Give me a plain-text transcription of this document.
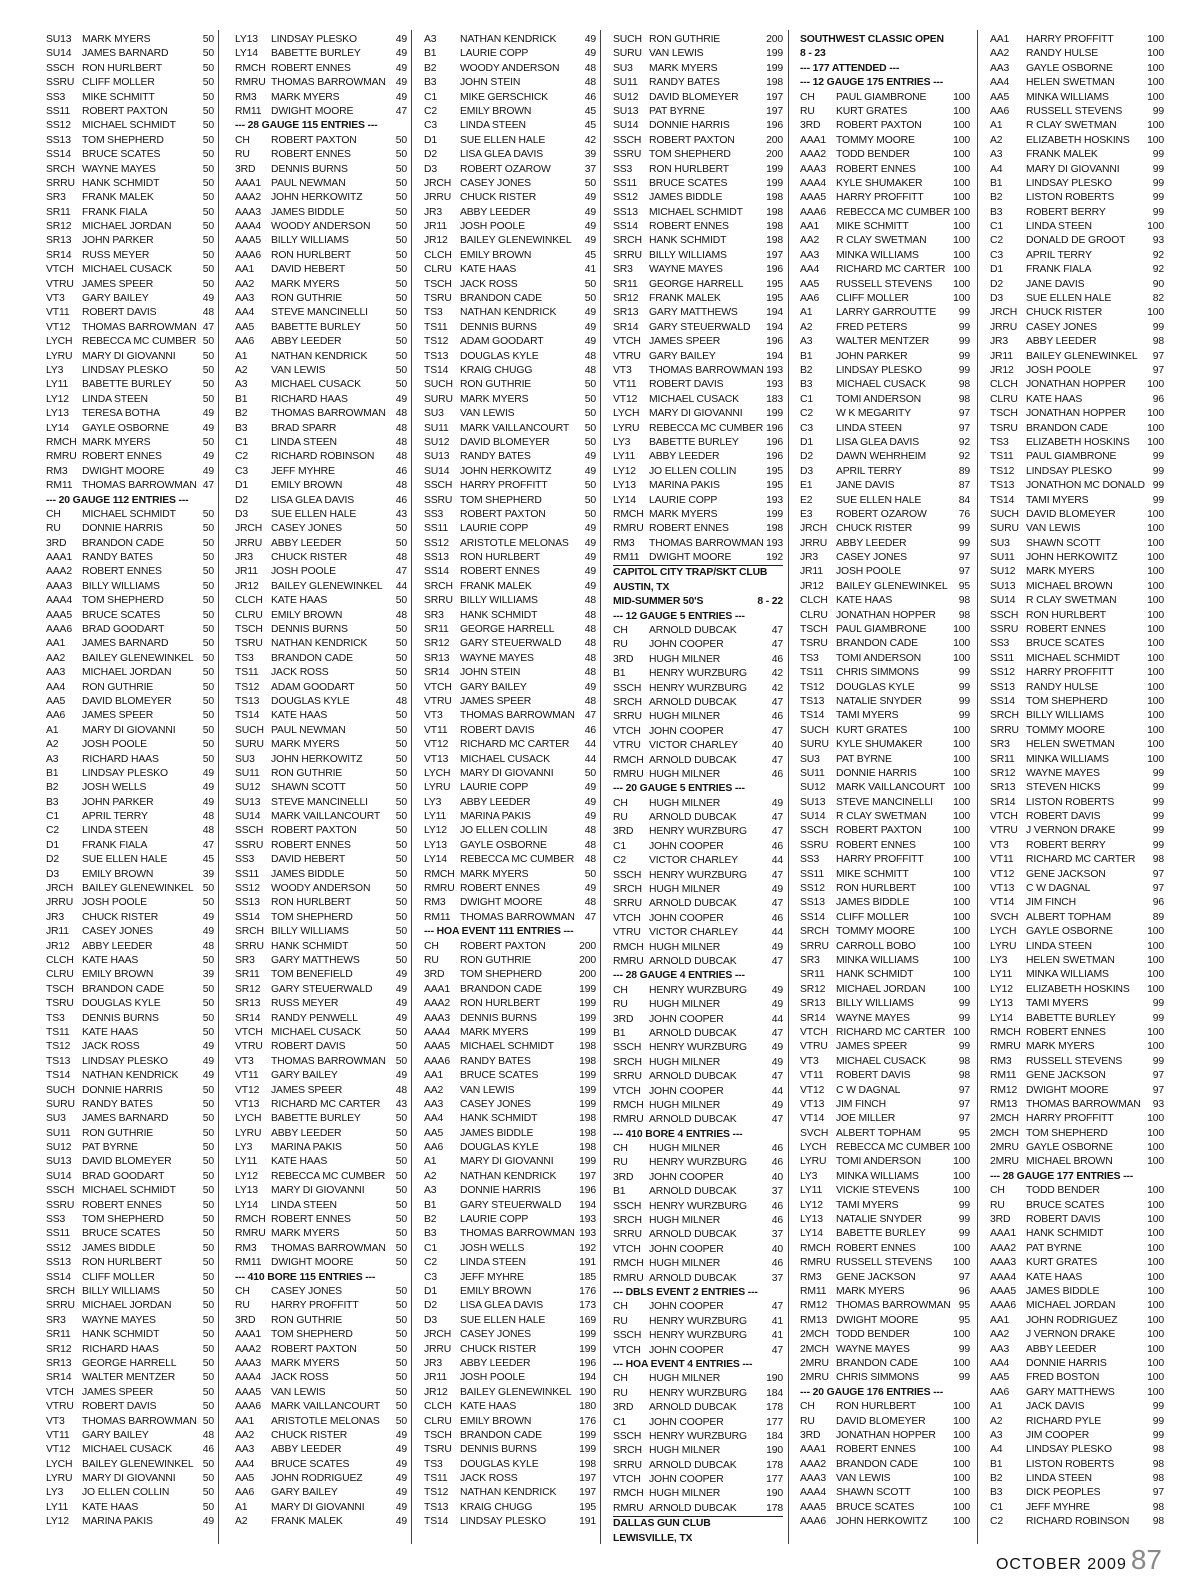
SU13	MARK MYERS	50
SU14	JAMES BARNARD	50
SSCH RON HURLBERT	50
SSRU CLIFF MOLLER	50
SS3	MIKE SCHMITT	50
SS11	ROBERT PAXTON	50
SS12	MICHAEL SCHMIDT	50
SS13	TOM SHEPHERD	50
SS14	BRUCE SCATES	50
SRCH WAYNE MAYES	50
SRRU HANK SCHMIDT	50
SR3	FRANK MALEK	50
SR11	FRANK FIALA	50
SR12	MICHAEL JORDAN	50
SR13	JOHN PARKER	50
SR14	RUSS MEYER	50
VTCH MICHAEL CUSACK	50
VTRU JAMES SPEER	50
VT3	GARY BAILEY	49
VT11	ROBERT DAVIS	48
VT12	THOMAS BARROWMAN 47
LYCH REBECCA MC CUMBER 50
LYRU MARY DI GIOVANNI	50
LY3	LINDSAY PLESKO	50
LY11	BABETTE BURLEY	50
LY12	LINDA STEEN	50
LY13	TERESA BOTHA	49
LY14	GAYLE OSBORNE	49
RMCH MARK MYERS	50
RMRU ROBERT ENNES	49
RM3	DWIGHT MOORE	49
RM11 THOMAS BARROWMAN 47
--- 20 GAUGE 112 ENTRIES ---
CH	MICHAEL SCHMIDT	50
RU	DONNIE HARRIS	50
3RD	BRANDON CADE	50
AAA1 RANDY BATES	50
AAA2 ROBERT ENNES	50
AAA3 BILLY WILLIAMS	50
AAA4 TOM SHEPHERD	50
AAA5 BRUCE SCATES	50
AAA6 BRAD GOODART	50
AA1	JAMES BARNARD	50
AA2	BAILEY GLENEWINKEL 50
AA3	MICHAEL JORDAN	50
AA4	RON GUTHRIE	50
AA5	DAVID BLOMEYER	50
AA6	JAMES SPEER	50
A1	MARY DI GIOVANNI	50
A2	JOSH POOLE	50
A3	RICHARD HAAS	50
B1	LINDSAY PLESKO	49
B2	JOSH WELLS	49
B3	JOHN PARKER	49
C1	APRIL TERRY	48
C2	LINDA STEEN	48
D1	FRANK FIALA	47
D2	SUE ELLEN HALE	45
D3	EMILY BROWN	39
JRCH BAILEY GLENEWINKEL 50
JRRU JOSH POOLE	50
JR3	CHUCK RISTER	49
JR11	CASEY JONES	49
JR12	ABBY LEEDER	48
CLCH KATE HAAS	50
CLRU EMILY BROWN	39
TSCH BRANDON CADE	50
TSRU DOUGLAS KYLE	50
TS3	DENNIS BURNS	50
TS11	KATE HAAS	50
TS12	JACK ROSS	49
TS13	LINDSAY PLESKO	49
TS14	NATHAN KENDRICK	49
SUCH DONNIE HARRIS	50
SURU RANDY BATES	50
SU3	JAMES BARNARD	50
SU11	RON GUTHRIE	50
SU12	PAT BYRNE	50
SU13	DAVID BLOMEYER	50
SU14	BRAD GOODART	50
SSCH MICHAEL SCHMIDT	50
SSRU ROBERT ENNES	50
SS3	TOM SHEPHERD	50
SS11	BRUCE SCATES	50
SS12	JAMES BIDDLE	50
SS13	RON HURLBERT	50
SS14	CLIFF MOLLER	50
SRCH BILLY WILLIAMS	50
SRRU MICHAEL JORDAN	50
SR3	WAYNE MAYES	50
SR11	HANK SCHMIDT	50
SR12	RICHARD HAAS	50
SR13	GEORGE HARRELL	50
SR14	WALTER MENTZER	50
VTCH JAMES SPEER	50
VTRU ROBERT DAVIS	50
VT3	THOMAS BARROWMAN 50
VT11	GARY BAILEY	48
VT12	MICHAEL CUSACK	46
LYCH BAILEY GLENEWINKEL 50
LYRU MARY DI GIOVANNI	50
LY3	JO ELLEN COLLIN	50
LY11	KATE HAAS	50
LY12	MARINA PAKIS	49
LY13	LINDSAY PLESKO	49
LY14	BABETTE BURLEY	49
RMCH ROBERT ENNES	49
RMRU THOMAS BARROWMAN 49
RM3	MARK MYERS	49
RM11 DWIGHT MOORE	47
--- 28 GAUGE 115 ENTRIES ---
CH	ROBERT PAXTON	50
RU	ROBERT ENNES	50
3RD	DENNIS BURNS	50
AAA1 PAUL NEWMAN	50
AAA2 JOHN HERKOWITZ	50
AAA3 JAMES BIDDLE	50
AAA4 WOODY ANDERSON	50
AAA5 BILLY WILLIAMS	50
AAA6 RON HURLBERT	50
AA1	DAVID HEBERT	50
AA2	MARK MYERS	50
AA3	RON GUTHRIE	50
AA4	STEVE MANCINELLI	50
AA5	BABETTE BURLEY	50
AA6	ABBY LEEDER	50
A1	NATHAN KENDRICK	50
A2	VAN LEWIS	50
A3	MICHAEL CUSACK	50
B1	RICHARD HAAS	49
B2	THOMAS BARROWMAN 48
B3	BRAD SPARR	48
C1	LINDA STEEN	48
C2	RICHARD ROBINSON	48
C3	JEFF MYHRE	46
D1	EMILY BROWN	48
D2	LISA GLEA DAVIS	46
D3	SUE ELLEN HALE	43
JRCH CASEY JONES	50
JRRU ABBY LEEDER	50
JR3	CHUCK RISTER	48
JR11	JOSH POOLE	47
JR12	BAILEY GLENEWINKEL	44
CLCH KATE HAAS	50
CLRU EMILY BROWN	48
TSCH DENNIS BURNS	50
TSRU NATHAN KENDRICK	50
TS3	BRANDON CADE	50
TS11	JACK ROSS	50
TS12	ADAM GOODART	50
TS13	DOUGLAS KYLE	48
TS14	KATE HAAS	50
SUCH PAUL NEWMAN	50
SURU MARK MYERS	50
SU3	JOHN HERKOWITZ	50
SU11	RON GUTHRIE	50
SU12	SHAWN SCOTT	50
SU13	STEVE MANCINELLI	50
SU14	MARK VAILLANCOURT	50
SSCH ROBERT PAXTON	50
SSRU ROBERT ENNES	50
SS3	DAVID HEBERT	50
SS11	JAMES BIDDLE	50
SS12	WOODY ANDERSON	50
SS13	RON HURLBERT	50
SS14	TOM SHEPHERD	50
SRCH BILLY WILLIAMS	50
SRRU HANK SCHMIDT	50
SR3	GARY MATTHEWS	50
SR11	TOM BENEFIELD	49
SR12	GARY STEUERWALD	49
SR13	RUSS MEYER	49
SR14	RANDY PENWELL	49
VTCH MICHAEL CUSACK	50
VTRU ROBERT DAVIS	50
VT3	THOMAS BARROWMAN 50
VT11	GARY BAILEY	49
VT12	JAMES SPEER	48
VT13	RICHARD MC CARTER	43
LYCH BABETTE BURLEY	50
LYRU ABBY LEEDER	50
LY3	MARINA PAKIS	50
LY11	KATE HAAS	50
LY12	REBECCA MC CUMBER	50
LY13	MARY DI GIOVANNI	50
LY14	LINDA STEEN	50
RMCH ROBERT ENNES	50
RMRU MARK MYERS	50
RM3	THOMAS BARROWMAN 50
RM11 DWIGHT MOORE	50
--- 410 BORE 115 ENTRIES ---
CH	CASEY JONES	50
RU	HARRY PROFFITT	50
3RD	RON GUTHRIE	50
AAA1 TOM SHEPHERD	50
AAA2 ROBERT PAXTON	50
AAA3 MARK MYERS	50
AAA4 JACK ROSS	50
AAA5 VAN LEWIS	50
AAA6 MARK VAILLANCOURT	50
AA1	ARISTOTLE MELONAS	50
AA2	CHUCK RISTER	49
AA3	ABBY LEEDER	49
AA4	BRUCE SCATES	49
AA5	JOHN RODRIGUEZ	49
AA6	GARY BAILEY	49
A1	MARY DI GIOVANNI	49
A2	FRANK MALEK	49
A3	NATHAN KENDRICK	49
B1	LAURIE COPP	49
B2	WOODY ANDERSON	48
B3	JOHN STEIN	48
C1	MIKE GERSCHICK	46
C2	EMILY BROWN	45
C3	LINDA STEEN	45
D1	SUE ELLEN HALE	42
D2	LISA GLEA DAVIS	39
D3	ROBERT OZAROW	37
JRCH CASEY JONES	50
JRRU CHUCK RISTER	49
JR3	ABBY LEEDER	49
JR11	JOSH POOLE	49
JR12	BAILEY GLENEWINKEL	49
CLCH EMILY BROWN	45
CLRU KATE HAAS	41
TSCH JACK ROSS	50
TSRU BRANDON CADE	50
TS3	NATHAN KENDRICK	49
TS11	DENNIS BURNS	49
TS12	ADAM GOODART	49
TS13	DOUGLAS KYLE	48
TS14	KRAIG CHUGG	48
SUCH RON GUTHRIE	50
SURU MARK MYERS	50
SU3	VAN LEWIS	50
SU11	MARK VAILLANCOURT	50
SU12	DAVID BLOMEYER	50
SU13	RANDY BATES	49
SU14	JOHN HERKOWITZ	49
SSCH HARRY PROFFITT	50
SSRU TOM SHEPHERD	50
SS3	ROBERT PAXTON	50
SS11	LAURIE COPP	49
SS12	ARISTOTLE MELONAS	49
SS13	RON HURLBERT	49
SS14	ROBERT ENNES	49
SRCH FRANK MALEK	49
SRRU BILLY WILLIAMS	48
SR3	HANK SCHMIDT	48
SR11	GEORGE HARRELL	48
SR12	GARY STEUERWALD	48
SR13	WAYNE MAYES	48
SR14	JOHN STEIN	48
VTCH GARY BAILEY	49
VTRU JAMES SPEER	48
VT3	THOMAS BARROWMAN 47
VT11	ROBERT DAVIS	46
VT12	RICHARD MC CARTER	44
VT13	MICHAEL CUSACK	44
LYCH MARY DI GIOVANNI	50
LYRU LAURIE COPP	49
LY3	ABBY LEEDER	49
LY11	MARINA PAKIS	49
LY12	JO ELLEN COLLIN	48
LY13	GAYLE OSBORNE	48
LY14	REBECCA MC CUMBER	48
RMCH MARK MYERS	50
RMRU ROBERT ENNES	49
RM3	DWIGHT MOORE	48
RM11 THOMAS BARROWMAN 47
--- HOA EVENT 111 ENTRIES ---
CH	ROBERT PAXTON	200
RU	RON GUTHRIE	200
3RD	TOM SHEPHERD	200
AAA1 BRANDON CADE	199
AAA2 RON HURLBERT	199
AAA3 DENNIS BURNS	199
AAA4 MARK MYERS	199
AAA5 MICHAEL SCHMIDT	198
AAA6 RANDY BATES	198
AA1	BRUCE SCATES	199
AA2	VAN LEWIS	199
AA3	CASEY JONES	199
AA4	HANK SCHMIDT	198
AA5	JAMES BIDDLE	198
AA6	DOUGLAS KYLE	198
A1	MARY DI GIOVANNI	199
A2	NATHAN KENDRICK	197
A3	DONNIE HARRIS	196
B1	GARY STEUERWALD	194
B2	LAURIE COPP	193
B3	THOMAS BARROWMAN 193
C1	JOSH WELLS	192
C2	LINDA STEEN	191
C3	JEFF MYHRE	185
D1	EMILY BROWN	176
D2	LISA GLEA DAVIS	173
D3	SUE ELLEN HALE	169
JRCH CASEY JONES	199
JRRU CHUCK RISTER	199
JR3	ABBY LEEDER	196
JR11	JOSH POOLE	194
JR12	BAILEY GLENEWINKEL 190
CLCH KATE HAAS	180
CLRU EMILY BROWN	176
TSCH BRANDON CADE	199
TSRU DENNIS BURNS	199
TS3	DOUGLAS KYLE	198
TS11	JACK ROSS	197
TS12	NATHAN KENDRICK	197
TS13	KRAIG CHUGG	195
TS14	LINDSAY PLESKO	191
SUCH RON GUTHRIE	200
SURU VAN LEWIS	199
SU3	MARK MYERS	199
SU11	RANDY BATES	198
SU12	DAVID BLOMEYER	197
SU13	PAT BYRNE	197
SU14	DONNIE HARRIS	196
SSCH ROBERT PAXTON	200
SSRU TOM SHEPHERD	200
SS3	RON HURLBERT	199
SS11	BRUCE SCATES	199
SS12	JAMES BIDDLE	198
SS13	MICHAEL SCHMIDT	198
SS14	ROBERT ENNES	198
SRCH HANK SCHMIDT	198
SRRU BILLY WILLIAMS	197
SR3	WAYNE MAYES	196
SR11	GEORGE HARRELL	195
SR12	FRANK MALEK	195
SR13	GARY MATTHEWS	194
SR14	GARY STEUERWALD	194
VTCH JAMES SPEER	196
VTRU GARY BAILEY	194
VT3	THOMAS BARROWMAN 193
VT11	ROBERT DAVIS	193
VT12	MICHAEL CUSACK	183
LYCH MARY DI GIOVANNI	199
LYRU REBECCA MC CUMBER 196
LY3	BABETTE BURLEY	196
LY11	ABBY LEEDER	196
LY12	JO ELLEN COLLIN	195
LY13	MARINA PAKIS	195
LY14	LAURIE COPP	193
RMCH MARK MYERS	199
RMRU ROBERT ENNES	198
RM3	THOMAS BARROWMAN 193
RM11 DWIGHT MOORE	192
CAPITOL CITY TRAP/SKT CLUB
AUSTIN, TX
MID-SUMMER 50'S	8 - 22
--- 12 GAUGE 5 ENTRIES ---
CH	ARNOLD DUBCAK	47
RU	JOHN COOPER	47
3RD	HUGH MILNER	46
B1	HENRY WURZBURG	42
SSCH HENRY WURZBURG	42
SRCH ARNOLD DUBCAK	47
SRRU HUGH MILNER	46
VTCH JOHN COOPER	47
VTRU VICTOR CHARLEY	40
RMCH ARNOLD DUBCAK	47
RMRU HUGH MILNER	46
--- 20 GAUGE 5 ENTRIES ---
CH	HUGH MILNER	49
RU	ARNOLD DUBCAK	47
3RD	HENRY WURZBURG	47
C1	JOHN COOPER	46
C2	VICTOR CHARLEY	44
SSCH HENRY WURZBURG	47
SRCH HUGH MILNER	49
SRRU ARNOLD DUBCAK	47
VTCH JOHN COOPER	46
VTRU VICTOR CHARLEY	44
RMCH HUGH MILNER	49
RMRU ARNOLD DUBCAK	47
--- 28 GAUGE 4 ENTRIES ---
CH	HENRY WURZBURG	49
RU	HUGH MILNER	49
3RD	JOHN COOPER	44
B1	ARNOLD DUBCAK	47
SSCH HENRY WURZBURG	49
SRCH HUGH MILNER	49
SRRU ARNOLD DUBCAK	47
VTCH JOHN COOPER	44
RMCH HUGH MILNER	49
RMRU ARNOLD DUBCAK	47
--- 410 BORE 4 ENTRIES ---
CH	HUGH MILNER	46
RU	HENRY WURZBURG	46
3RD	JOHN COOPER	40
B1	ARNOLD DUBCAK	37
SSCH HENRY WURZBURG	46
SRCH HUGH MILNER	46
SRRU ARNOLD DUBCAK	37
VTCH JOHN COOPER	40
RMCH HUGH MILNER	46
RMRU ARNOLD DUBCAK	37
--- DBLS EVENT 2 ENTRIES ---
CH	JOHN COOPER	47
RU	HENRY WURZBURG	41
SSCH HENRY WURZBURG	41
VTCH JOHN COOPER	47
--- HOA EVENT 4 ENTRIES ---
CH	HUGH MILNER	190
RU	HENRY WURZBURG	184
3RD	ARNOLD DUBCAK	178
C1	JOHN COOPER	177
SSCH HENRY WURZBURG	184
SRCH HUGH MILNER	190
SRRU ARNOLD DUBCAK	178
VTCH JOHN COOPER	177
RMCH HUGH MILNER	190
RMRU ARNOLD DUBCAK	178
DALLAS GUN CLUB
LEWISVILLE, TX
SOUTHWEST CLASSIC OPEN
8 - 23
--- 177 ATTENDED ---
--- 12 GAUGE 175 ENTRIES ---
CH	PAUL GIAMBRONE	100
RU	KURT GRATES	100
3RD	ROBERT PAXTON	100
AAA1 TOMMY MOORE	100
AAA2 TODD BENDER	100
AAA3 ROBERT ENNES	100
AAA4 KYLE SHUMAKER	100
AAA5 HARRY PROFFITT	100
AAA6 REBECCA MC CUMBER 100
AA1	MIKE SCHMITT	100
AA2	R CLAY SWETMAN	100
AA3	MINKA WILLIAMS	100
AA4	RICHARD MC CARTER 100
AA5	RUSSELL STEVENS	100
AA6	CLIFF MOLLER	100
A1	LARRY GARROUTTE	99
A2	FRED PETERS	99
A3	WALTER MENTZER	99
B1	JOHN PARKER	99
B2	LINDSAY PLESKO	99
B3	MICHAEL CUSACK	98
C1	TOMI ANDERSON	98
C2	W K MEGARITY	97
C3	LINDA STEEN	97
D1	LISA GLEA DAVIS	92
D2	DAWN WEHRHEIM	92
D3	APRIL TERRY	89
E1	JANE DAVIS	87
E2	SUE ELLEN HALE	84
E3	ROBERT OZAROW	76
JRCH CHUCK RISTER	99
JRRU ABBY LEEDER	99
JR3	CASEY JONES	97
JR11	JOSH POOLE	97
JR12	BAILEY GLENEWINKEL	95
CLCH KATE HAAS	98
CLRU JONATHAN HOPPER	98
TSCH PAUL GIAMBRONE	100
TSRU BRANDON CADE	100
TS3	TOMI ANDERSON	100
TS11	CHRIS SIMMONS	99
TS12	DOUGLAS KYLE	99
TS13	NATALIE SNYDER	99
TS14	TAMI MYERS	99
SUCH KURT GRATES	100
SURU KYLE SHUMAKER	100
SU3	PAT BYRNE	100
SU11	DONNIE HARRIS	100
SU12	MARK VAILLANCOURT 100
SU13	STEVE MANCINELLI	100
SU14	R CLAY SWETMAN	100
SSCH ROBERT PAXTON	100
SSRU ROBERT ENNES	100
SS3	HARRY PROFFITT	100
SS11	MIKE SCHMITT	100
SS12	RON HURLBERT	100
SS13	JAMES BIDDLE	100
SS14	CLIFF MOLLER	100
SRCH TOMMY MOORE	100
SRRU CARROLL BOBO	100
SR3	MINKA WILLIAMS	100
SR11	HANK SCHMIDT	100
SR12	MICHAEL JORDAN	100
SR13	BILLY WILLIAMS	99
SR14	WAYNE MAYES	99
VTCH RICHARD MC CARTER 100
VTRU JAMES SPEER	99
VT3	MICHAEL CUSACK	98
VT11	ROBERT DAVIS	98
VT12	C W DAGNAL	97
VT13	JIM FINCH	97
VT14	JOE MILLER	97
SVCH ALBERT TOPHAM	95
LYCH REBECCA MC CUMBER 100
LYRU TOMI ANDERSON	100
LY3	MINKA WILLIAMS	100
LY11	VICKIE STEVENS	100
LY12	TAMI MYERS	99
LY13	NATALIE SNYDER	99
LY14	BABETTE BURLEY	99
RMCH ROBERT ENNES	100
RMRU RUSSELL STEVENS	100
RM3	GENE JACKSON	97
RM11 MARK MYERS	96
RM12 THOMAS BARROWMAN 95
RM13 DWIGHT MOORE	95
2MCH TODD BENDER	100
2MCH WAYNE MAYES	99
2MRU BRANDON CADE	100
2MRU CHRIS SIMMONS	99
--- 20 GAUGE 176 ENTRIES ---
CH	RON HURLBERT	100
RU	DAVID BLOMEYER	100
3RD	JONATHAN HOPPER	100
AAA1 ROBERT ENNES	100
AAA2 BRANDON CADE	100
AAA3 VAN LEWIS	100
AAA4 SHAWN SCOTT	100
AAA5 BRUCE SCATES	100
AAA6 JOHN HERKOWITZ	100
AA1	HARRY PROFFITT	100
AA2	RANDY HULSE	100
AA3	GAYLE OSBORNE	100
AA4	HELEN SWETMAN	100
AA5	MINKA WILLIAMS	100
AA6	RUSSELL STEVENS	99
A1	R CLAY SWETMAN	100
A2	ELIZABETH HOSKINS	100
A3	FRANK MALEK	99
A4	MARY DI GIOVANNI	99
B1	LINDSAY PLESKO	99
B2	LISTON ROBERTS	99
B3	ROBERT BERRY	99
C1	LINDA STEEN	100
C2	DONALD DE GROOT	93
C3	APRIL TERRY	92
D1	FRANK FIALA	92
D2	JANE DAVIS	90
D3	SUE ELLEN HALE	82
JRCH CHUCK RISTER	100
JRRU CASEY JONES	99
JR3	ABBY LEEDER	98
JR11	BAILEY GLENEWINKEL	97
JR12	JOSH POOLE	97
CLCH JONATHAN HOPPER	100
CLRU KATE HAAS	96
TSCH JONATHAN HOPPER	100
TSRU BRANDON CADE	100
TS3	ELIZABETH HOSKINS	100
TS11	PAUL GIAMBRONE	99
TS12	LINDSAY PLESKO	99
TS13	JONATHON MC DONALD 99
TS14	TAMI MYERS	99
SUCH DAVID BLOMEYER	100
SURU VAN LEWIS	100
SU3	SHAWN SCOTT	100
SU11	JOHN HERKOWITZ	100
SU12	MARK MYERS	100
SU13	MICHAEL BROWN	100
SU14	R CLAY SWETMAN	100
SSCH RON HURLBERT	100
SSRU ROBERT ENNES	100
SS3	BRUCE SCATES	100
SS11	MICHAEL SCHMIDT	100
SS12	HARRY PROFFITT	100
SS13	RANDY HULSE	100
SS14	TOM SHEPHERD	100
SRCH BILLY WILLIAMS	100
SRRU TOMMY MOORE	100
SR3	HELEN SWETMAN	100
SR11	MINKA WILLIAMS	100
SR12	WAYNE MAYES	99
SR13	STEVEN HICKS	99
SR14	LISTON ROBERTS	99
VTCH ROBERT DAVIS	99
VTRU J VERNON DRAKE	99
VT3	ROBERT BERRY	99
VT11	RICHARD MC CARTER	98
VT12	GENE JACKSON	97
VT13	C W DAGNAL	97
VT14	JIM FINCH	96
SVCH ALBERT TOPHAM	89
LYCH GAYLE OSBORNE	100
LYRU LINDA STEEN	100
LY3	HELEN SWETMAN	100
LY11	MINKA WILLIAMS	100
LY12	ELIZABETH HOSKINS	100
LY13	TAMI MYERS	99
LY14	BABETTE BURLEY	99
RMCH ROBERT ENNES	100
RMRU MARK MYERS	100
RM3	RUSSELL STEVENS	99
RM11 GENE JACKSON	97
RM12 DWIGHT MOORE	97
RM13 THOMAS BARROWMAN	93
2MCH HARRY PROFFITT	100
2MCH TOM SHEPHERD	100
2MRU GAYLE OSBORNE	100
2MRU MICHAEL BROWN	100
--- 28 GAUGE 177 ENTRIES ---
CH	TODD BENDER	100
RU	BRUCE SCATES	100
3RD	ROBERT DAVIS	100
AAA1 HANK SCHMIDT	100
AAA2 PAT BYRNE	100
AAA3 KURT GRATES	100
AAA4 KATE HAAS	100
AAA5 JAMES BIDDLE	100
AAA6 MICHAEL JORDAN	100
AA1	JOHN RODRIGUEZ	100
AA2	J VERNON DRAKE	100
AA3	ABBY LEEDER	100
AA4	DONNIE HARRIS	100
AA5	FRED BOSTON	100
AA6	GARY MATTHEWS	100
A1	JACK DAVIS	99
A2	RICHARD PYLE	99
A3	JIM COOPER	99
A4	LINDSAY PLESKO	98
B1	LISTON ROBERTS	98
B2	LINDA STEEN	98
B3	DICK PEOPLES	97
C1	JEFF MYHRE	98
C2	RICHARD ROBINSON	98
OCTOBER 2009 87
